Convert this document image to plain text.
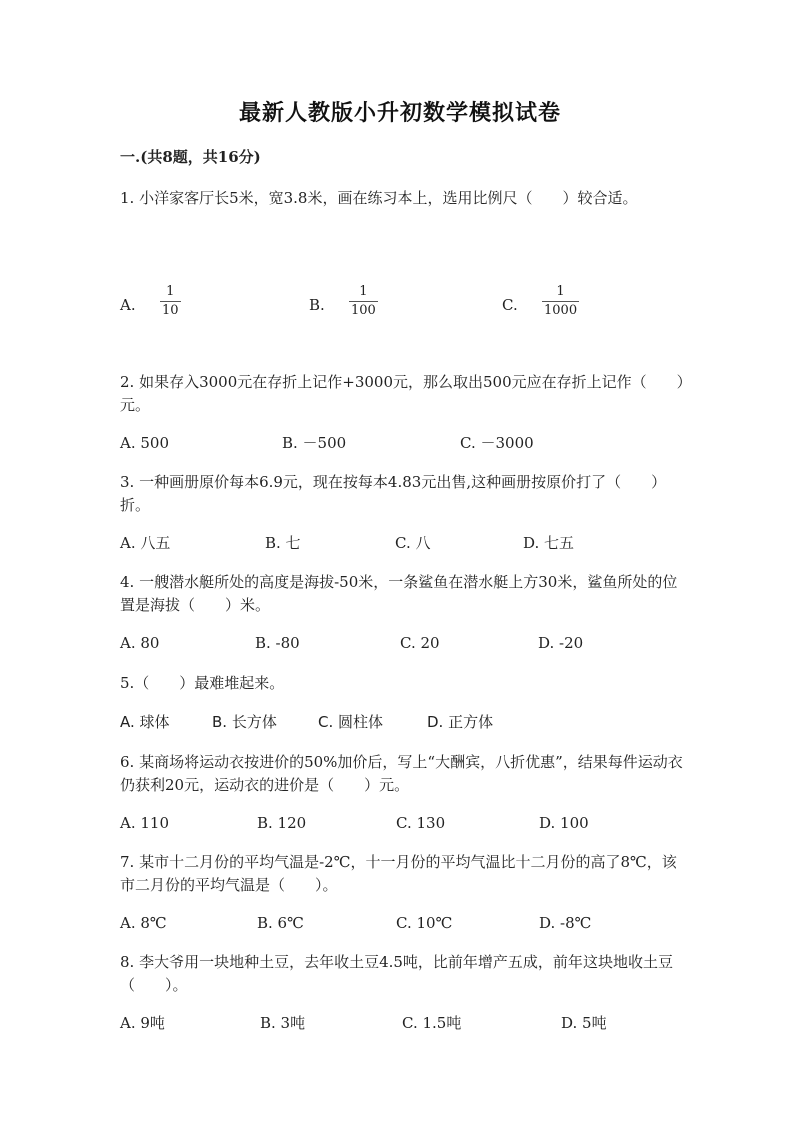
最新人教版小升初数学模拟试卷
一.(共8题，共16分)
1. 小洋家客厅长5米，宽3.8米，画在练习本上，选用比例尺（　　）较合适。
A.
1
10	B.
1
100	C.
1
1000
2. 如果存入3000元在存折上记作+3000元，那么取出500元应在存折上记作（　　）元。
A. 500	B. －500	C. －3000
3. 一种画册原价每本6.9元，现在按每本4.83元出售,这种画册按原价打了（　　）折。
A. 八五	B. 七	C. 八	D. 七五
4. 一艘潜水艇所处的高度是海拔-50米，一条鲨鱼在潜水艇上方30米，鲨鱼所处的位置是海拔（　　）米。
A. 80	B. -80	C. 20	D. -20
5.（　　）最难堆起来。
A. 球体	B. 长方体	C. 圆柱体	D. 正方体
6. 某商场将运动衣按进价的50%加价后，写上“大酬宾，八折优惠”，结果每件运动衣仍获利20元，运动衣的进价是（　　）元。
A. 110	B. 120	C. 130	D. 100
7. 某市十二月份的平均气温是-2℃，十一月份的平均气温比十二月份的高了8℃，该市二月份的平均气温是（　　）。
A. 8℃	B. 6℃	C. 10℃	D. -8℃
8. 李大爷用一块地种土豆，去年收土豆4.5吨，比前年增产五成，前年这块地收土豆（　　）。
A. 9吨	B. 3吨	C. 1.5吨	D. 5吨
